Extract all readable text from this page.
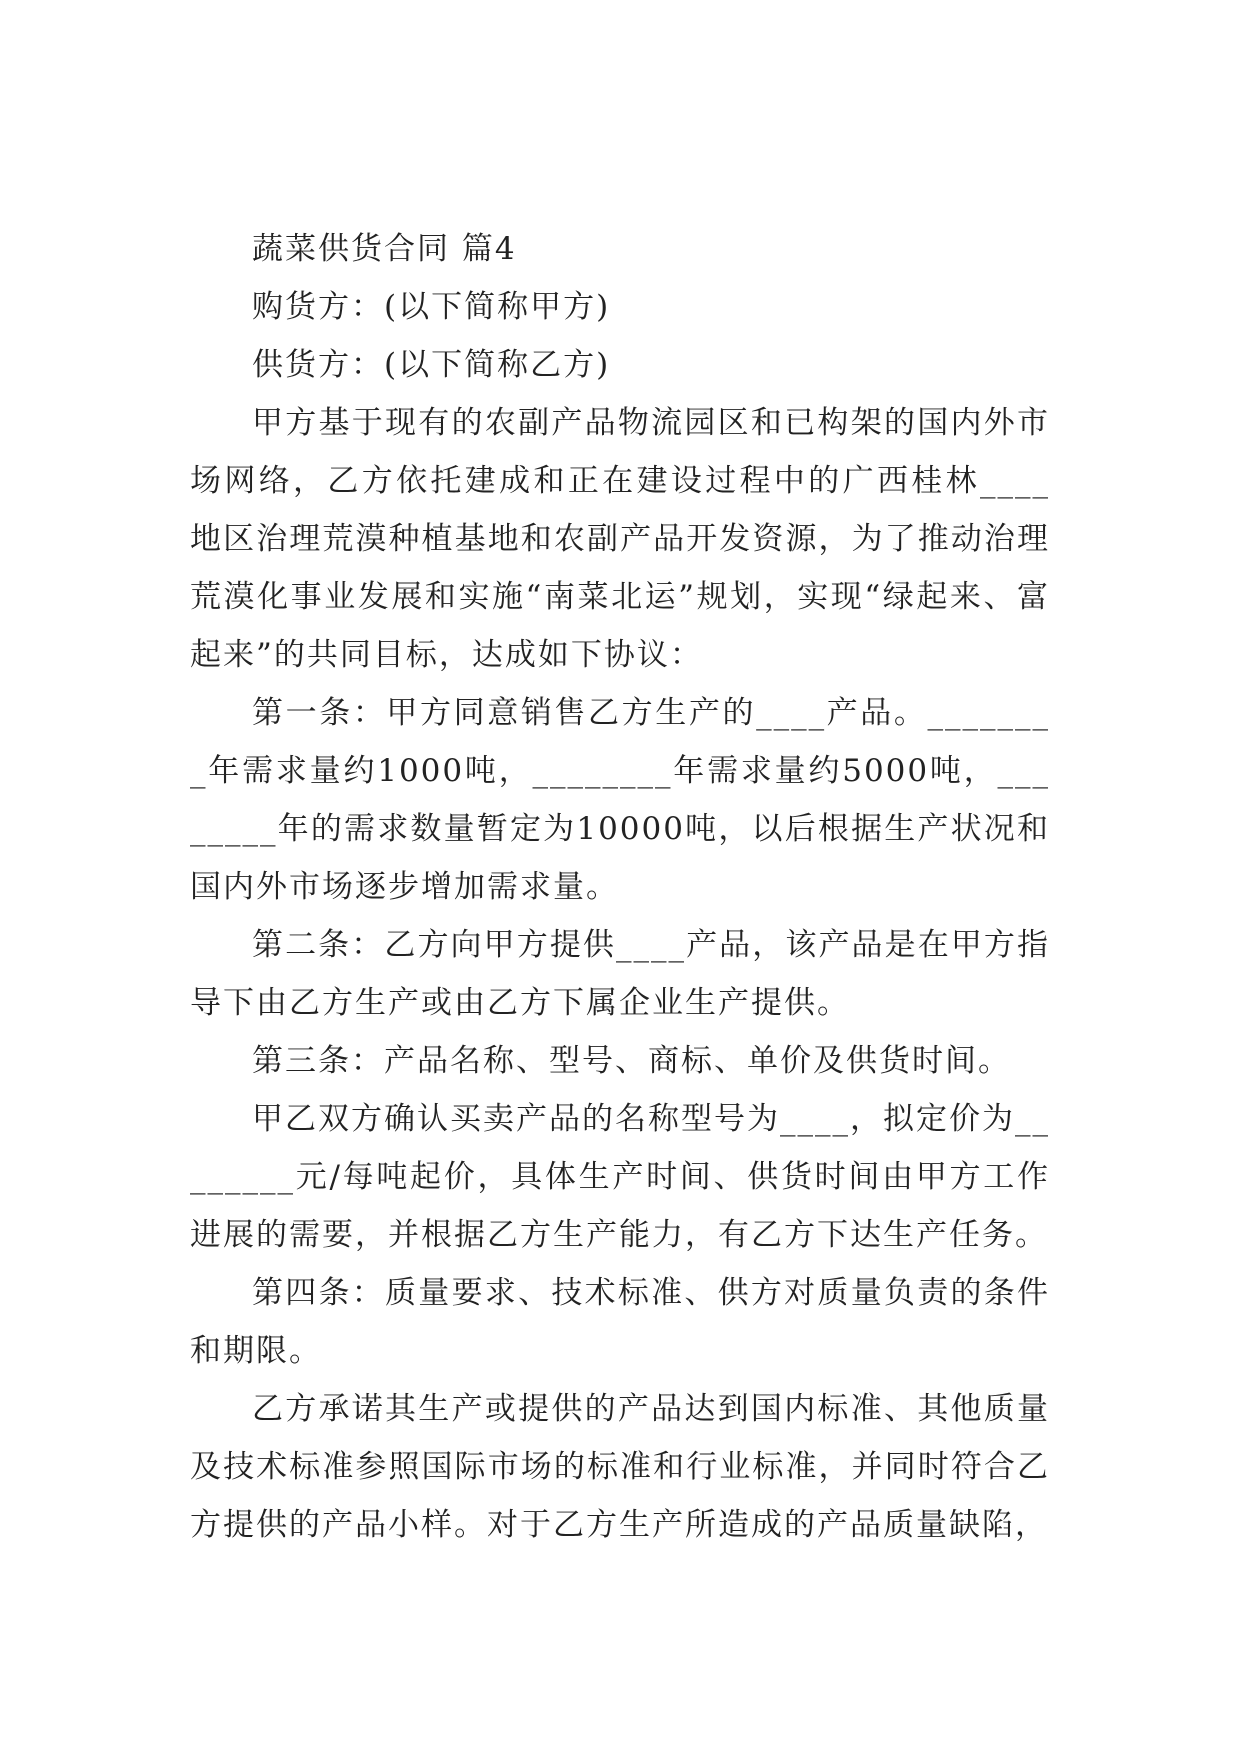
蔬菜供货合同 篇4

购货方：(以下简称甲方)

供货方：(以下简称乙方)

甲方基于现有的农副产品物流园区和已构架的国内外市场网络，乙方依托建成和正在建设过程中的广西桂林____地区治理荒漠种植基地和农副产品开发资源，为了推动治理荒漠化事业发展和实施“南菜北运”规划，实现“绿起来、富起来”的共同目标，达成如下协议：

第一条：甲方同意销售乙方生产的____产品。________年需求量约1000吨，________年需求量约5000吨，________年的需求数量暂定为10000吨，以后根据生产状况和国内外市场逐步增加需求量。

第二条：乙方向甲方提供____产品，该产品是在甲方指导下由乙方生产或由乙方下属企业生产提供。

第三条：产品名称、型号、商标、单价及供货时间。

甲乙双方确认买卖产品的名称型号为____，拟定价为________元/每吨起价，具体生产时间、供货时间由甲方工作进展的需要，并根据乙方生产能力，有乙方下达生产任务。

第四条：质量要求、技术标准、供方对质量负责的条件和期限。

乙方承诺其生产或提供的产品达到国内标准、其他质量及技术标准参照国际市场的标准和行业标准，并同时符合乙方提供的产品小样。对于乙方生产所造成的产品质量缺陷，
